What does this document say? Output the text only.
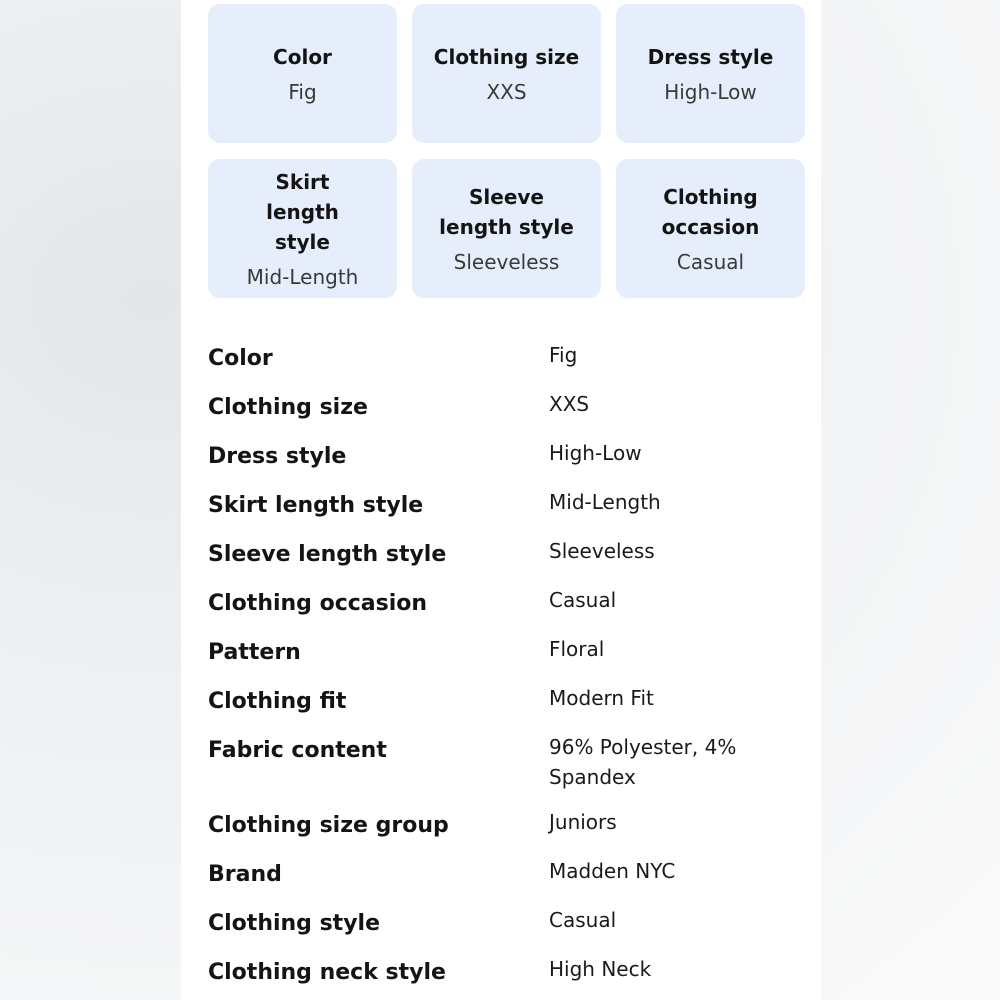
Color
Fig
Clothing size
XXS
Dress style
High-Low
Skirt length style
Mid-Length
Sleeve length style
Sleeveless
Clothing occasion
Casual
Color	Fig
Clothing size	XXS
Dress style	High-Low
Skirt length style	Mid-Length
Sleeve length style	Sleeveless
Clothing occasion	Casual
Pattern	Floral
Clothing fit	Modern Fit
Fabric content	96% Polyester, 4% Spandex
Clothing size group	Juniors
Brand	Madden NYC
Clothing style	Casual
Clothing neck style	High Neck
